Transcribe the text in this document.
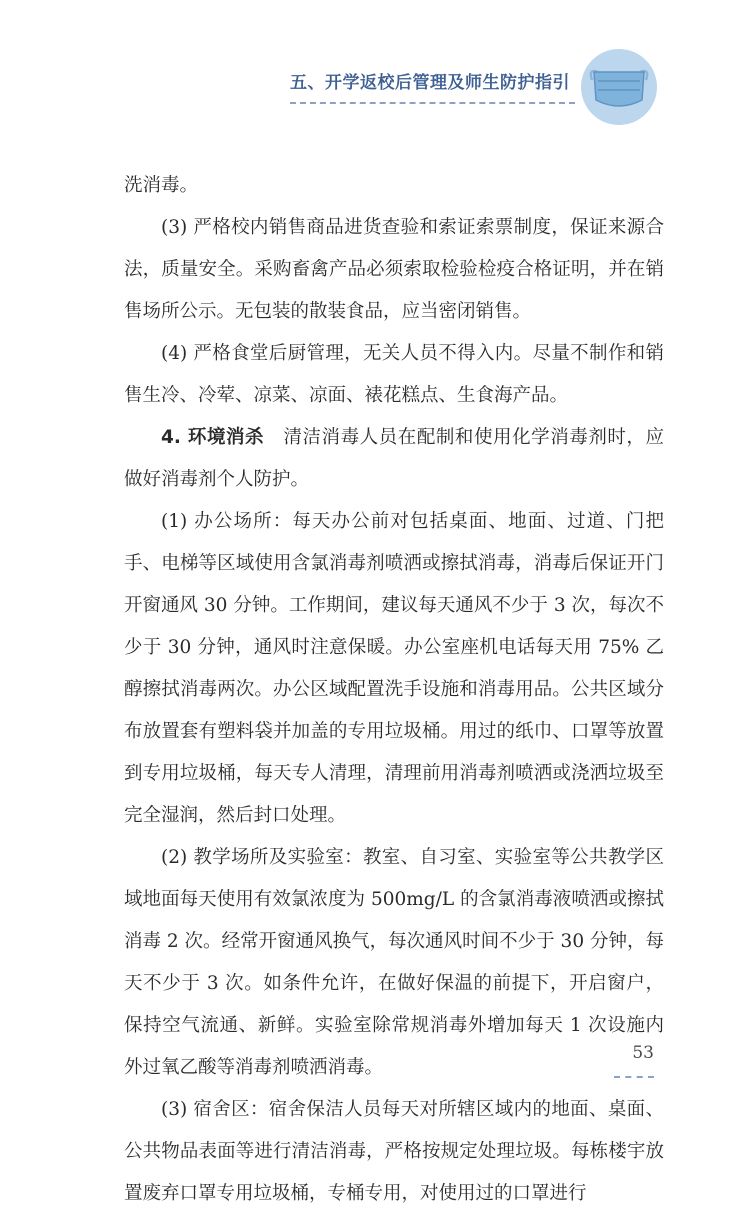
五、开学返校后管理及师生防护指引

洗消毒。

(3) 严格校内销售商品进货查验和索证索票制度，保证来源合法，质量安全。采购畜禽产品必须索取检验检疫合格证明，并在销售场所公示。无包装的散装食品，应当密闭销售。

(4) 严格食堂后厨管理，无关人员不得入内。尽量不制作和销售生冷、冷荤、凉菜、凉面、裱花糕点、生食海产品。

4. 环境消杀 清洁消毒人员在配制和使用化学消毒剂时，应做好消毒剂个人防护。

(1) 办公场所：每天办公前对包括桌面、地面、过道、门把手、电梯等区域使用含氯消毒剂喷洒或擦拭消毒，消毒后保证开门开窗通风 30 分钟。工作期间，建议每天通风不少于 3 次，每次不少于 30 分钟，通风时注意保暖。办公室座机电话每天用 75% 乙醇擦拭消毒两次。办公区域配置洗手设施和消毒用品。公共区域分布放置套有塑料袋并加盖的专用垃圾桶。用过的纸巾、口罩等放置到专用垃圾桶，每天专人清理，清理前用消毒剂喷洒或浇洒垃圾至完全湿润，然后封口处理。

(2) 教学场所及实验室：教室、自习室、实验室等公共教学区域地面每天使用有效氯浓度为 500mg/L 的含氯消毒液喷洒或擦拭消毒 2 次。经常开窗通风换气，每次通风时间不少于 30 分钟，每天不少于 3 次。如条件允许，在做好保温的前提下，开启窗户，保持空气流通、新鲜。实验室除常规消毒外增加每天 1 次设施内外过氧乙酸等消毒剂喷洒消毒。

(3) 宿舍区：宿舍保洁人员每天对所辖区域内的地面、桌面、公共物品表面等进行清洁消毒，严格按规定处理垃圾。每栋楼宇放置废弃口罩专用垃圾桶，专桶专用，对使用过的口罩进行

53
